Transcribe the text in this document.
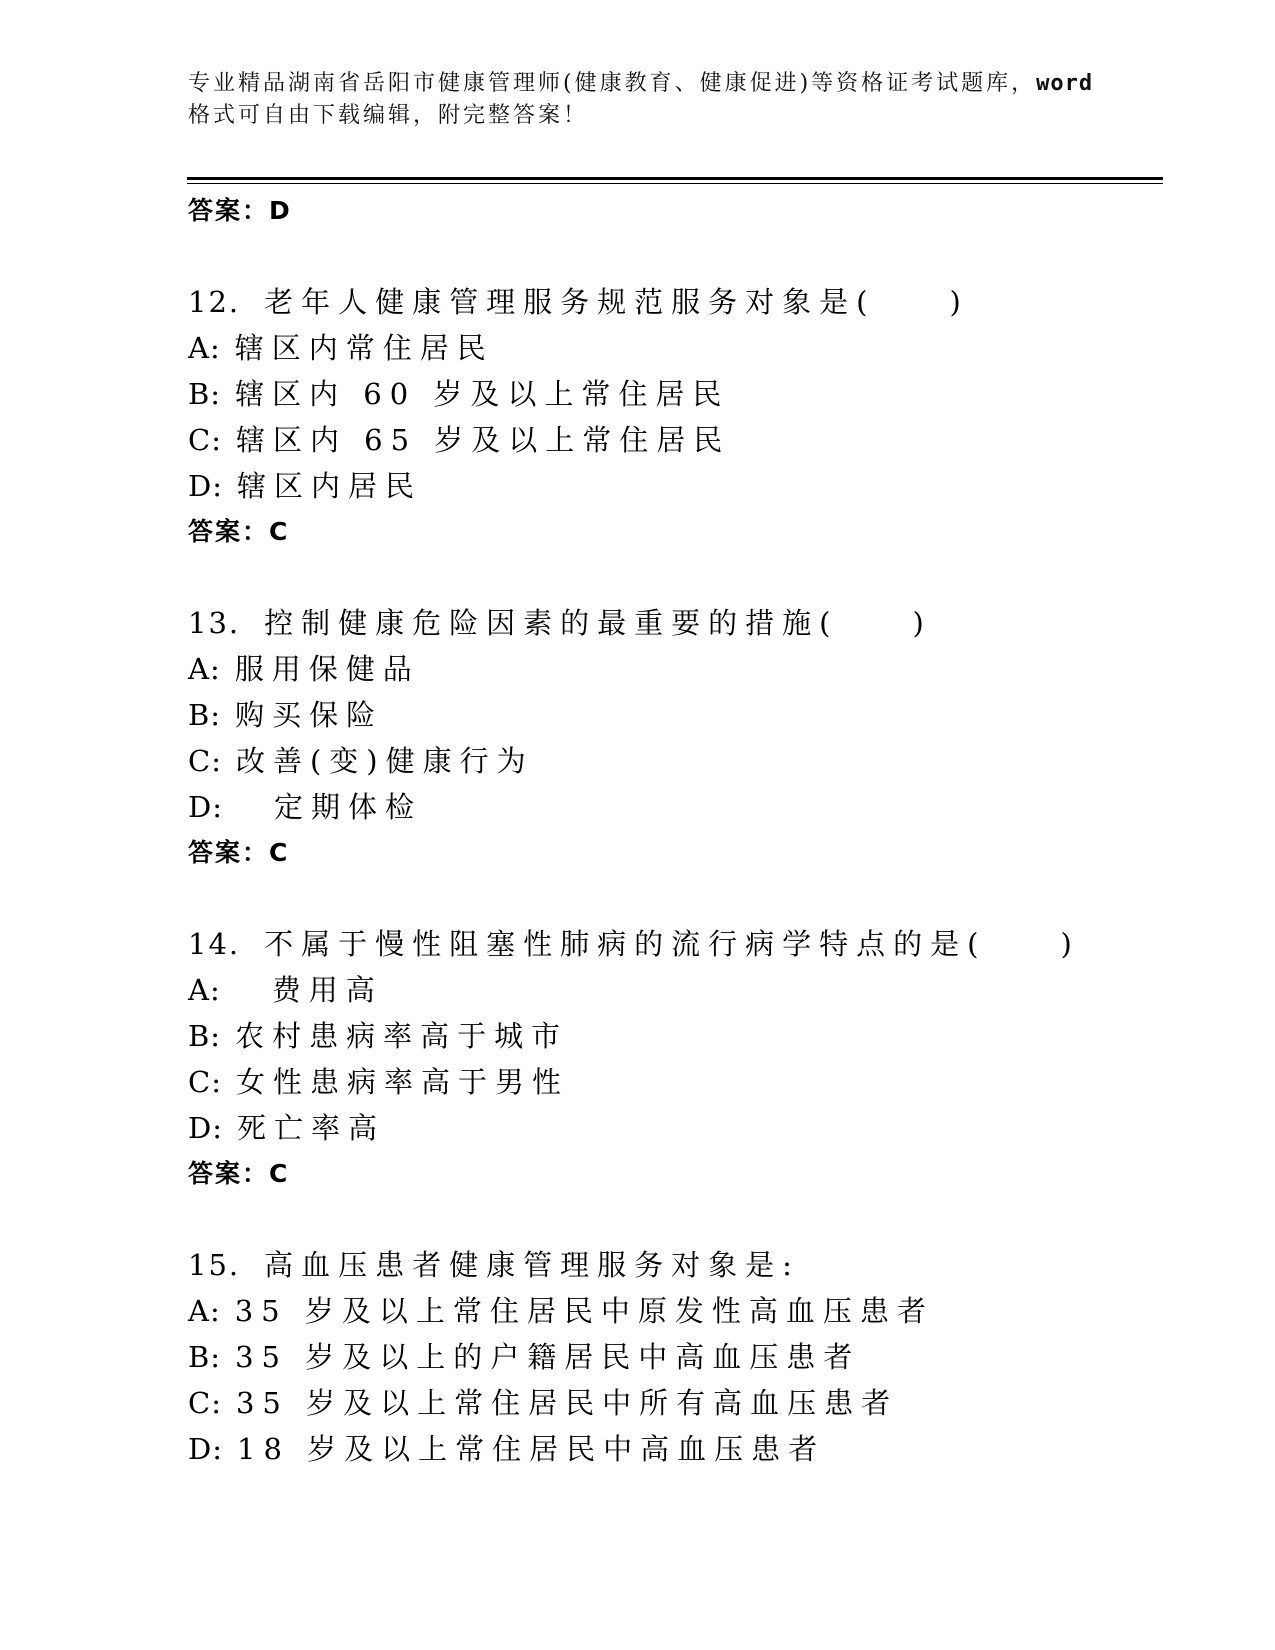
专业精品湖南省岳阳市健康管理师(健康教育、健康促进)等资格证考试题库，word
格式可自由下载编辑，附完整答案！

答案：D

12. 老年人健康管理服务规范服务对象是(　　)

A: 辖区内常住居民

B: 辖区内 60 岁及以上常住居民

C: 辖区内 65 岁及以上常住居民

D: 辖区内居民

答案：C

13. 控制健康危险因素的最重要的措施(　　)

A: 服用保健品

B: 购买保险

C: 改善(变)健康行为

D:　定期体检

答案：C

14. 不属于慢性阻塞性肺病的流行病学特点的是(　　)

A:　费用高

B: 农村患病率高于城市

C: 女性患病率高于男性

D: 死亡率高

答案：C

15. 高血压患者健康管理服务对象是:

A: 35 岁及以上常住居民中原发性高血压患者

B: 35 岁及以上的户籍居民中高血压患者

C: 35 岁及以上常住居民中所有高血压患者

D: 18 岁及以上常住居民中高血压患者
